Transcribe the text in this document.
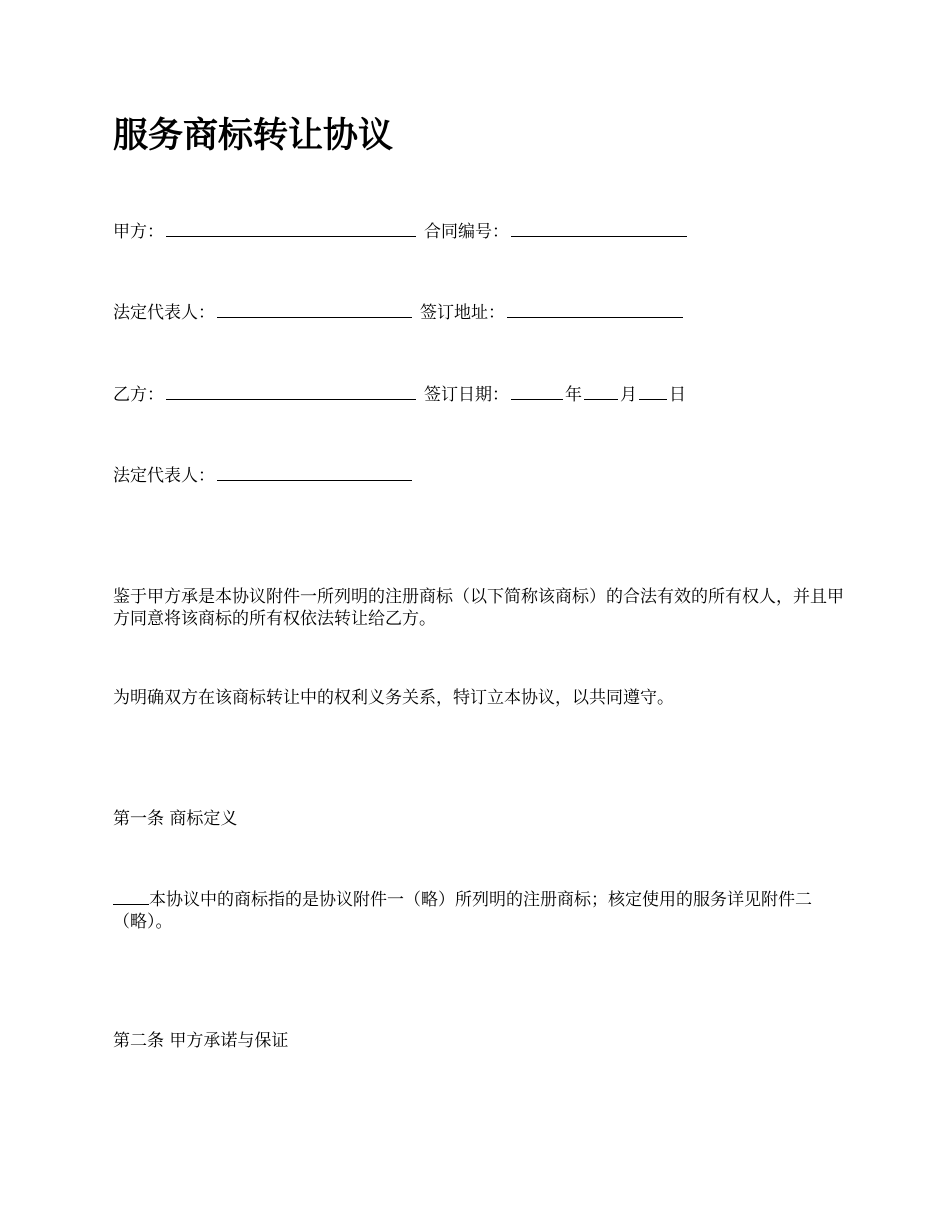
服务商标转让协议
甲方：	合同编号：
法定代表人：	签订地址：
乙方：	签订日期：	年 月 日
法定代表人：

鉴于甲方承是本协议附件一所列明的注册商标（以下简称该商标）的合法有效的所有权人，并且甲方同意将该商标的所有权依法转让给乙方。

为明确双方在该商标转让中的权利义务关系，特订立本协议，以共同遵守。

第一条 商标定义

本协议中的商标指的是协议附件一（略）所列明的注册商标；核定使用的服务详见附件二（略）。

第二条 甲方承诺与保证
